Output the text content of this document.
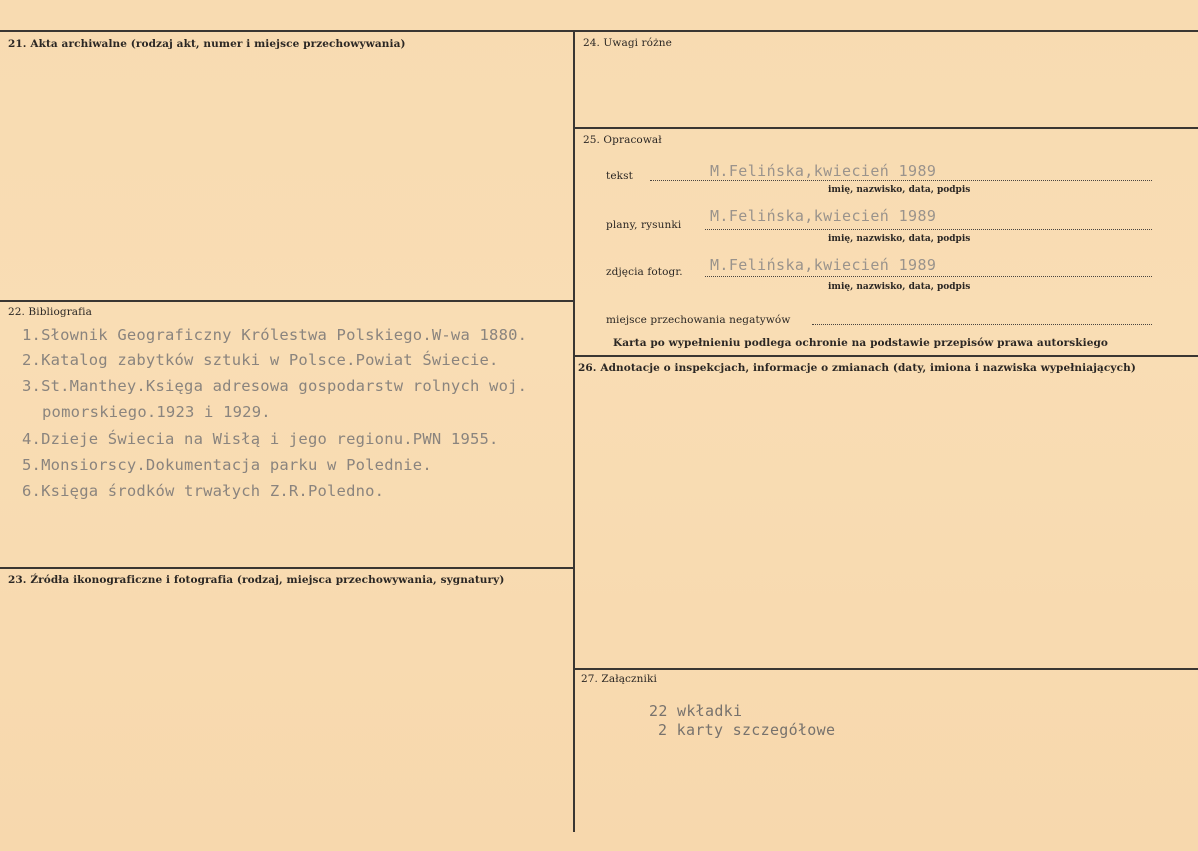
21. Akta archiwalne (rodzaj akt, numer i miejsce przechowywania)
22. Bibliografia
1.Słownik Geograficzny Królestwa Polskiego.W-wa 1880.
2.Katalog zabytków sztuki w Polsce.Powiat Świecie.
3.St.Manthey.Księga adresowa gospodarstw rolnych woj.
pomorskiego.1923 i 1929.
4.Dzieje Świecia na Wisłą i jego regionu.PWN 1955.
5.Monsiorscy.Dokumentacja parku w Polednie.
6.Księga środków trwałych Z.R.Poledno.
23. Źródła ikonograficzne i fotografia (rodzaj, miejsca przechowywania, sygnatury)
24. Uwagi różne
25. Opracował
tekst	M.Felińska,kwiecień 1989
imię, nazwisko, data, podpis
plany, rysunki M.Felińska,kwiecień 1989
imię, nazwisko, data, podpis
zdjęcia fotogr. M.Felińska,kwiecień 1989
imię, nazwisko, data, podpis
miejsce przechowania negatywów
Karta po wypełnieniu podlega ochronie na podstawie przepisów prawa autorskiego
26. Adnotacje o inspekcjach, informacje o zmianach (daty, imiona i nazwiska wypełniających)
27. Załączniki
22 wkładki
2 karty szczegółowe
